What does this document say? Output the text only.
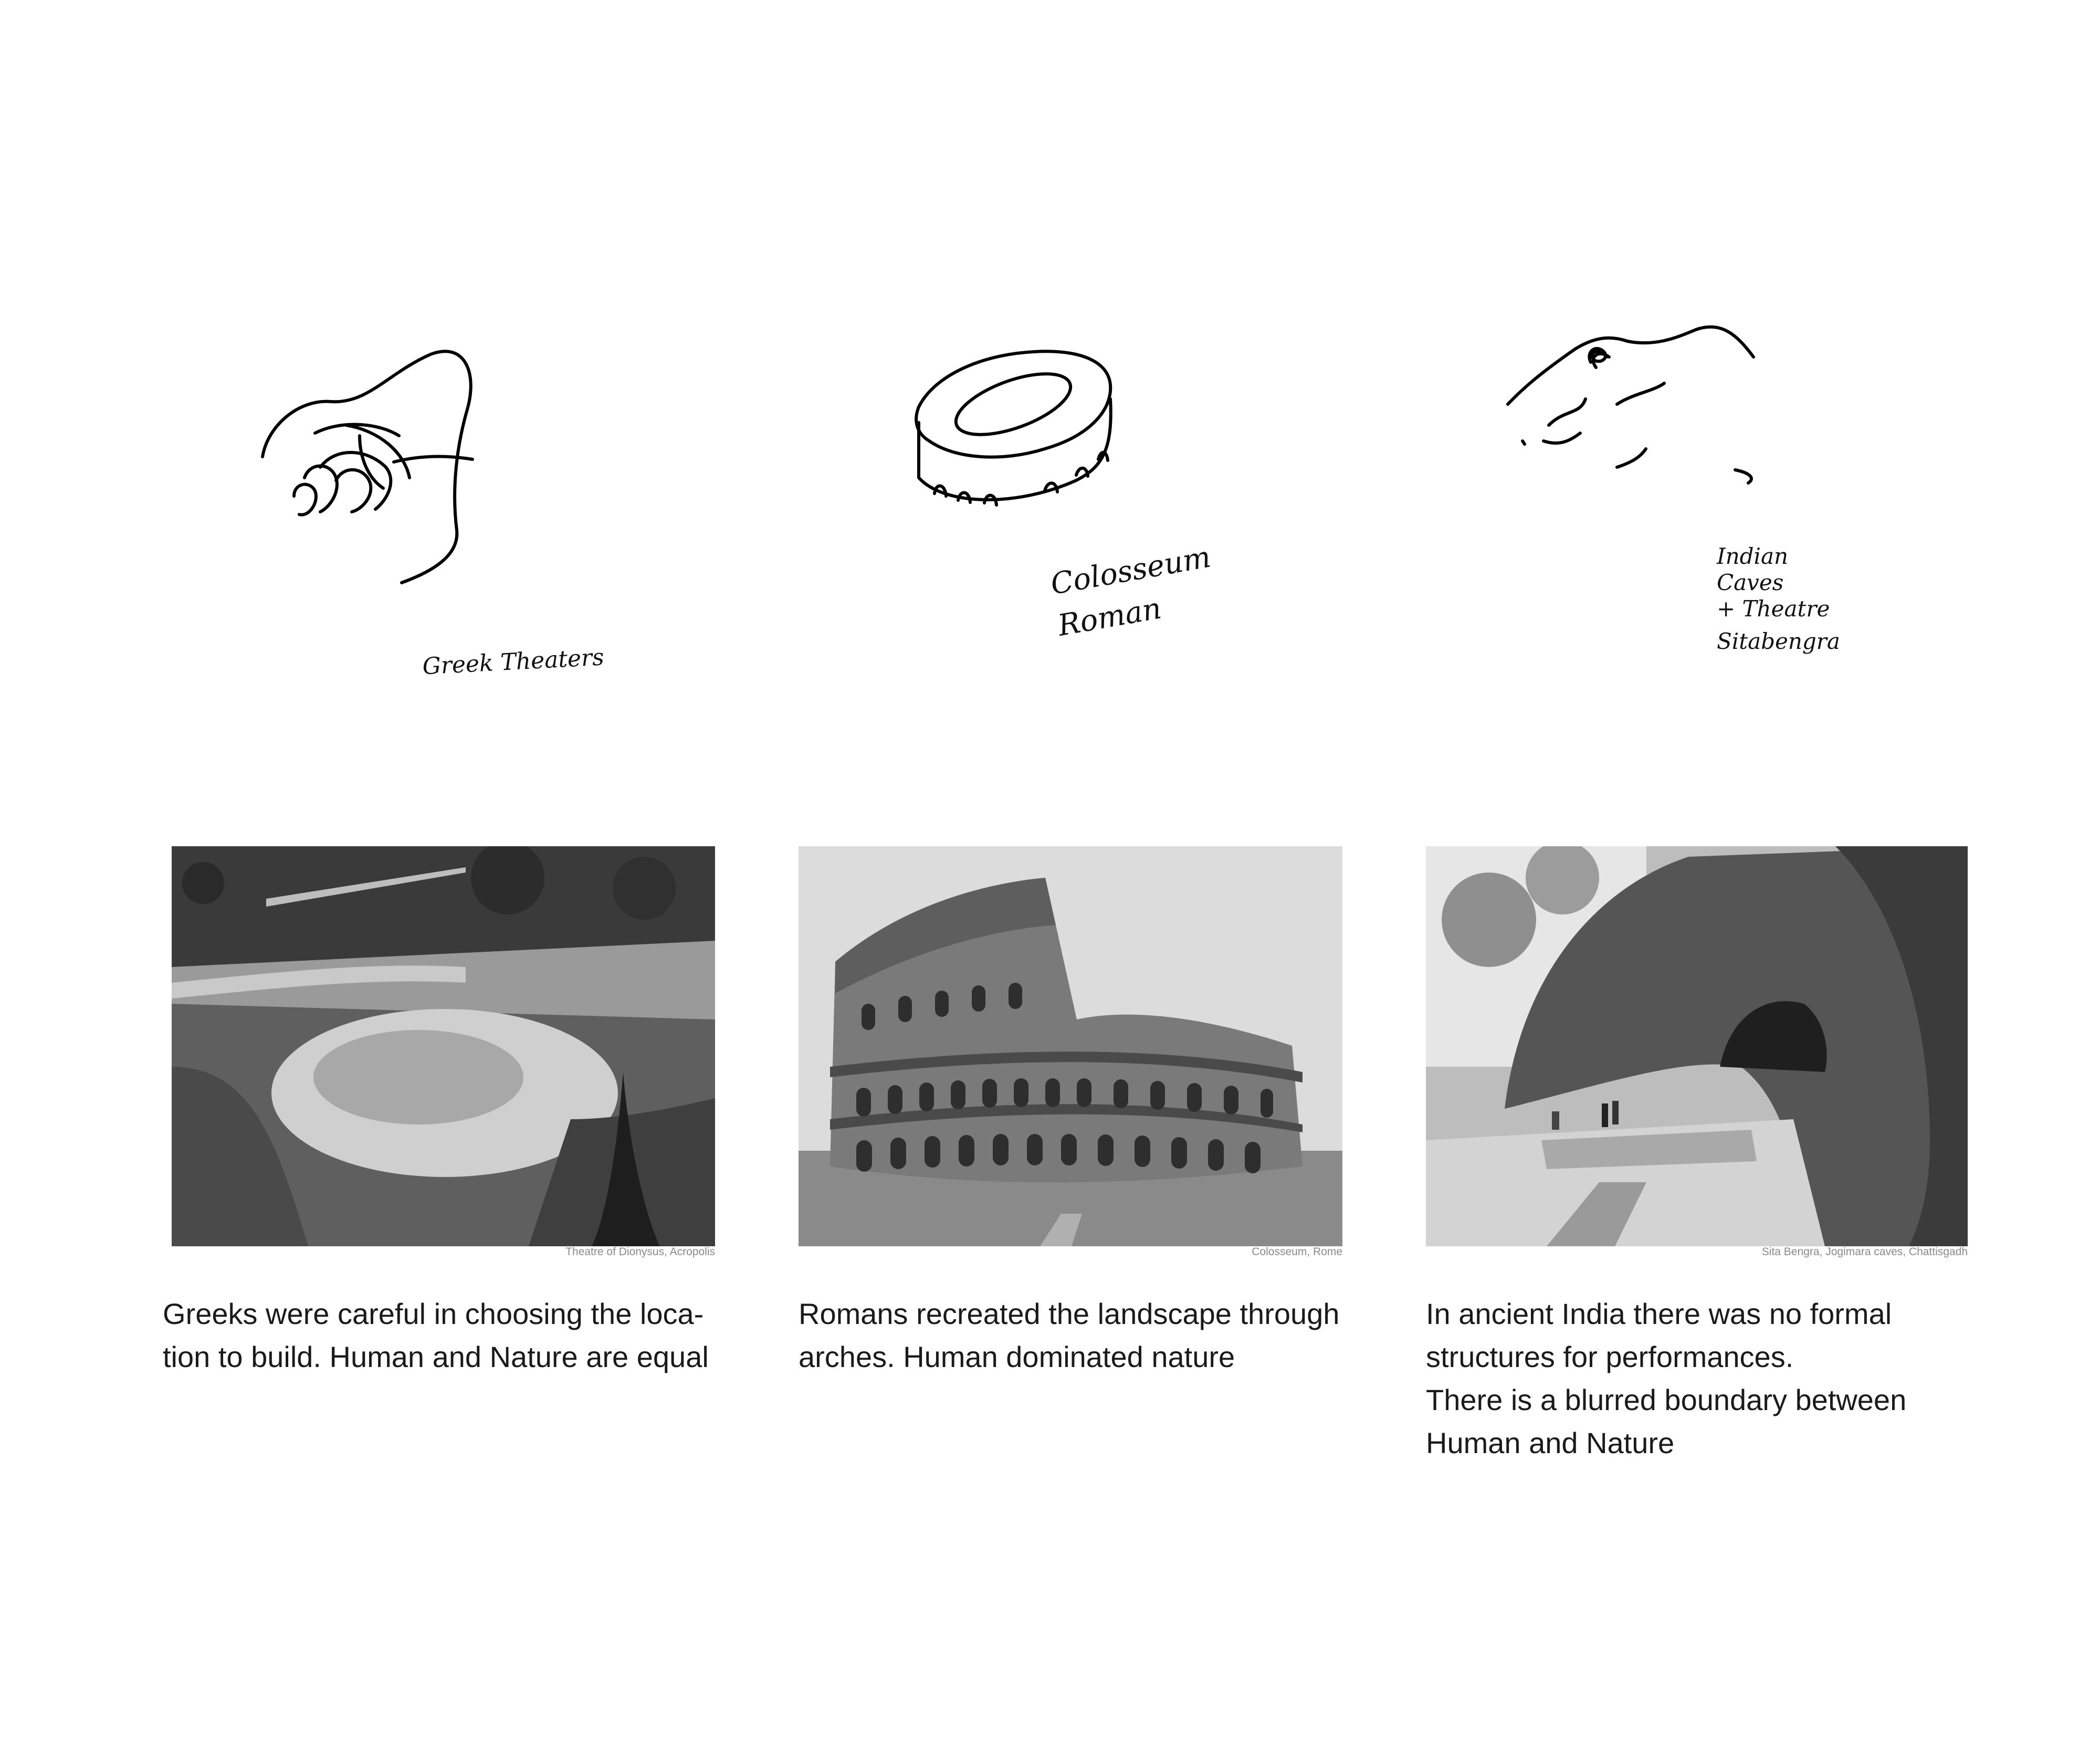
Greek Theaters
Colosseum
Roman
Indian
Caves
+ Theatre
Sitabengra
Theatre of Dionysus, Acropolis	Colosseum, Rome	Sita Bengra, Jogimara caves, Chattisgadh
Greeks were careful in choosing the loca-
tion to build. Human and Nature are equal
Romans recreated the landscape through
arches. Human dominated nature
In ancient India there was no formal
structures for performances.
There is a blurred boundary between
Human and Nature
